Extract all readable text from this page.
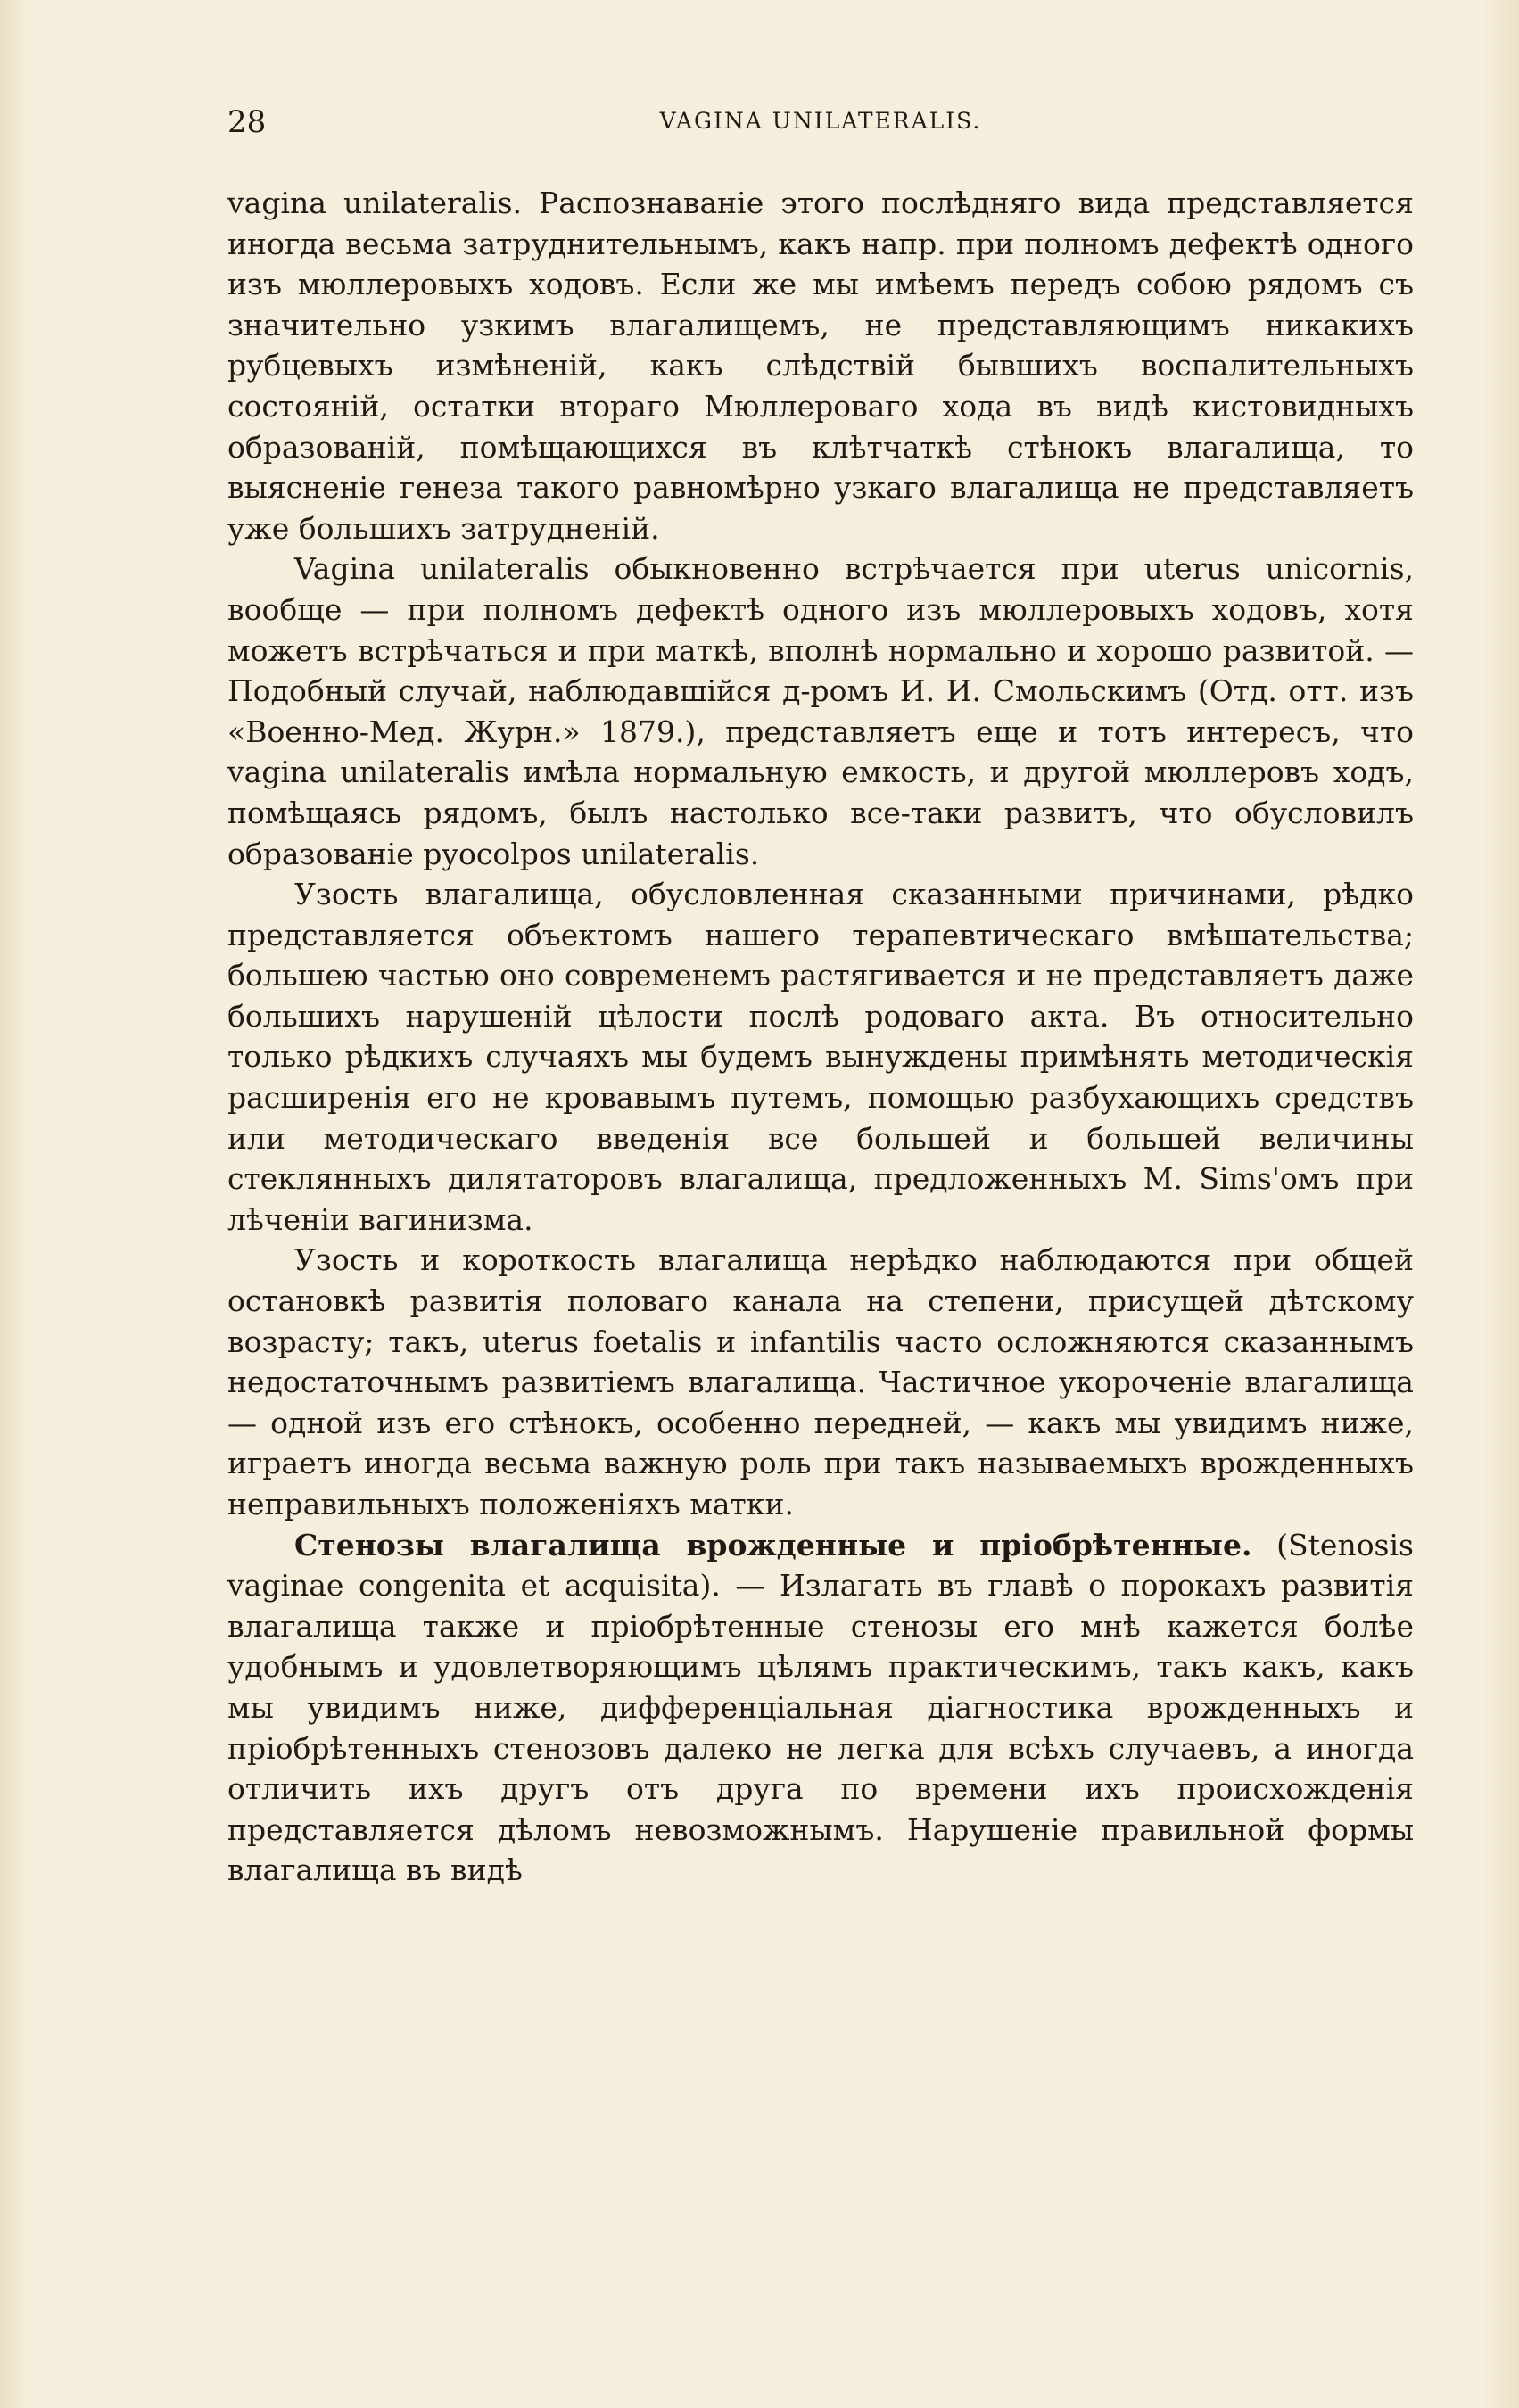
28	VAGINA UNILATERALIS.

vagina unilateralis. Распознаваніе этого послѣдняго вида представляется иногда весьма затруднительнымъ, какъ напр. при полномъ дефектѣ одного изъ мюллеровыхъ ходовъ. Если же мы имѣемъ передъ собою рядомъ съ значительно узкимъ влагалищемъ, не представляющимъ никакихъ рубцевыхъ измѣненій, какъ слѣдствій бывшихъ воспалительныхъ состояній, остатки втораго Мюллероваго хода въ видѣ кистовидныхъ образованій, помѣщающихся въ клѣтчаткѣ стѣнокъ влагалища, то выясненіе генеза такого равномѣрно узкаго влагалища не представляетъ уже большихъ затрудненій.

Vagina unilateralis обыкновенно встрѣчается при uterus unicornis, вообще — при полномъ дефектѣ одного изъ мюллеровыхъ ходовъ, хотя можетъ встрѣчаться и при маткѣ, вполнѣ нормально и хорошо развитой. — Подобный случай, наблюдавшійся д-ромъ И. И. Смольскимъ (Отд. отт. изъ «Военно-Мед. Журн.» 1879.), представляетъ еще и тотъ интересъ, что vagina unilateralis имѣла нормальную емкость, и другой мюллеровъ ходъ, помѣщаясь рядомъ, былъ настолько все-таки развитъ, что обусловилъ образованіе pyocolpos unilateralis.

Узость влагалища, обусловленная сказанными причинами, рѣдко представляется объектомъ нашего терапевтическаго вмѣшательства; большею частью оно современемъ растягивается и не представляетъ даже большихъ нарушеній цѣлости послѣ родоваго акта. Въ относительно только рѣдкихъ случаяхъ мы будемъ вынуждены примѣнять методическія расширенія его не кровавымъ путемъ, помощью разбухающихъ средствъ или методическаго введенія все большей и большей величины стеклянныхъ дилятаторовъ влагалища, предложенныхъ M. Sims'омъ при лѣченіи вагинизма.

Узость и короткость влагалища нерѣдко наблюдаются при общей остановкѣ развитія половаго канала на степени, присущей дѣтскому возрасту; такъ, uterus foetalis и infantilis часто осложняются сказаннымъ недостаточнымъ развитіемъ влагалища. Частичное укороченіе влагалища — одной изъ его стѣнокъ, особенно передней, — какъ мы увидимъ ниже, играетъ иногда весьма важную роль при такъ называемыхъ врожденныхъ неправильныхъ положеніяхъ матки.

Стенозы влагалища врожденные и пріобрѣтенные. (Stenosis vaginae congenita et acquisita). — Излагать въ главѣ о порокахъ развитія влагалища также и пріобрѣтенные стенозы его мнѣ кажется болѣе удобнымъ и удовлетворяющимъ цѣлямъ практическимъ, такъ какъ, какъ мы увидимъ ниже, дифференціальная діагностика врожденныхъ и пріобрѣтенныхъ стенозовъ далеко не легка для всѣхъ случаевъ, а иногда отличить ихъ другъ отъ друга по времени ихъ происхожденія представляется дѣломъ невозможнымъ. Нарушеніе правильной формы влагалища въ видѣ
